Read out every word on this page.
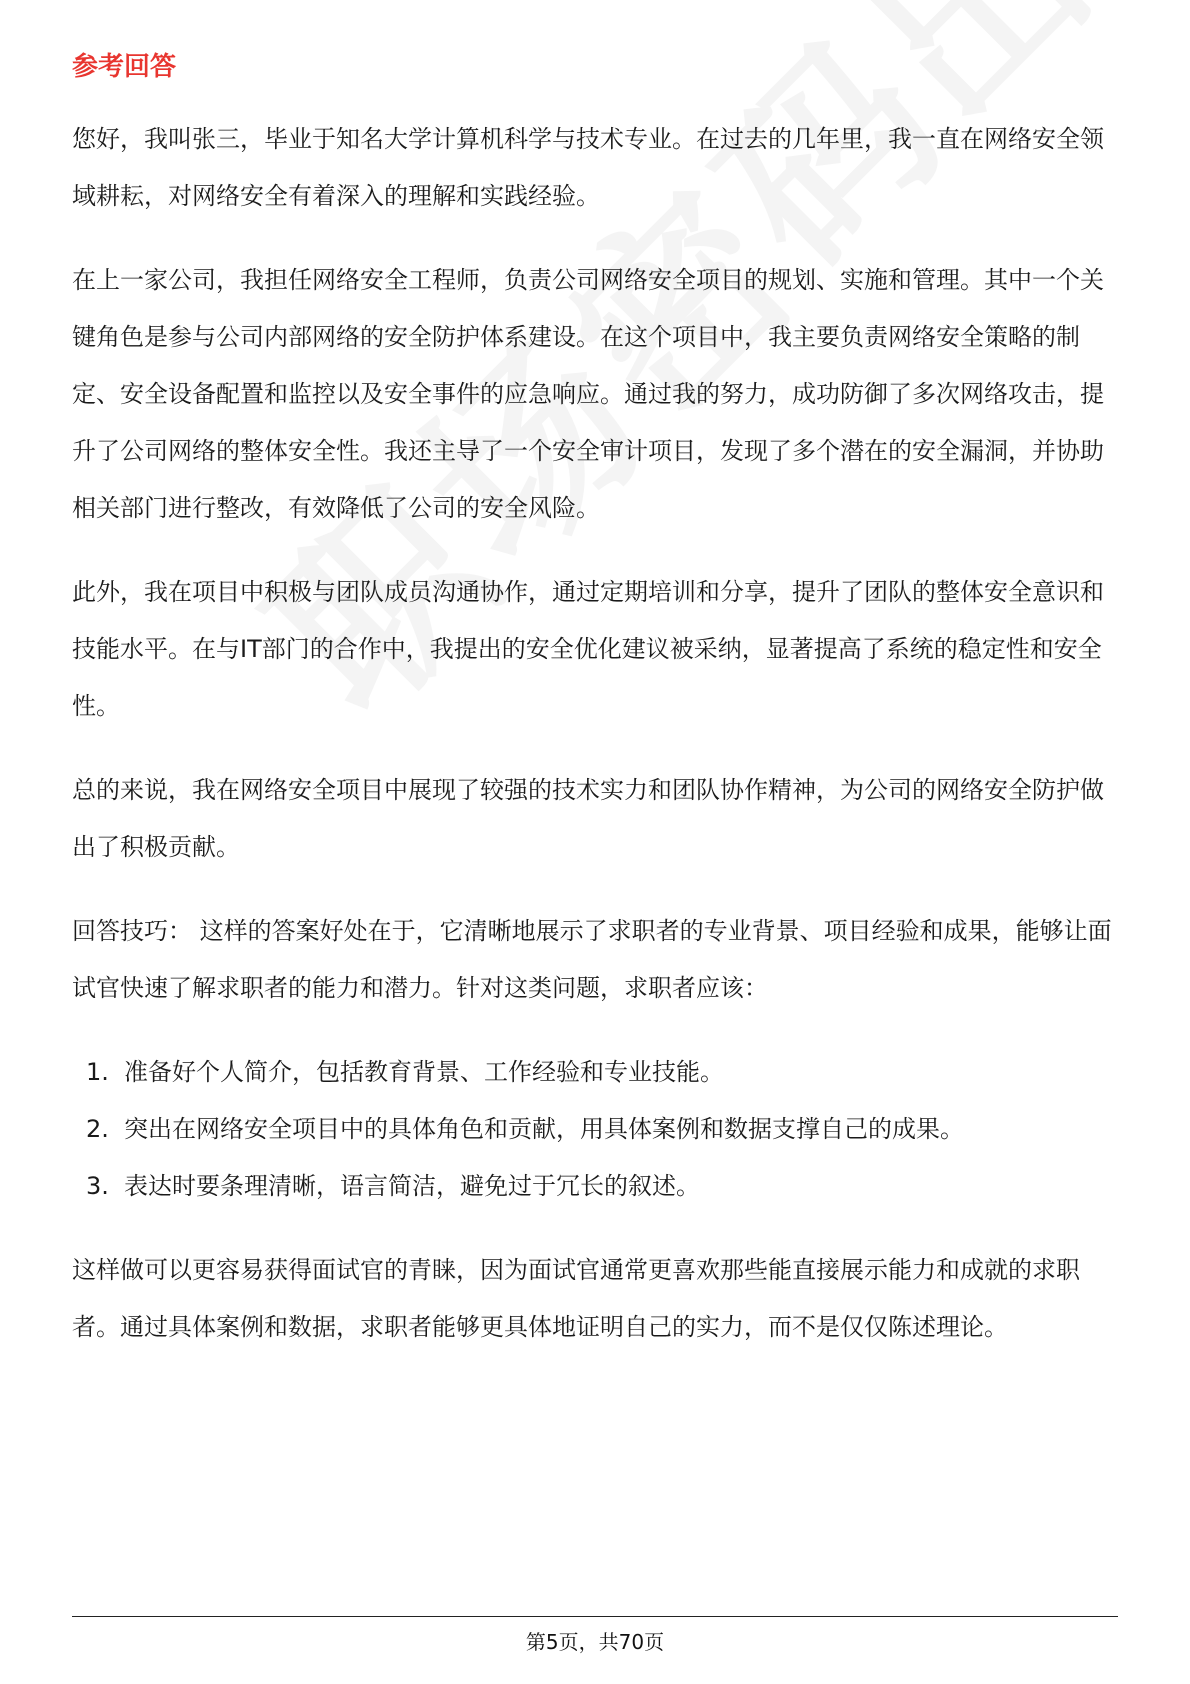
参考回答

您好，我叫张三，毕业于知名大学计算机科学与技术专业。在过去的几年里，我一直在网络安全领域耕耘，对网络安全有着深入的理解和实践经验。

在上一家公司，我担任网络安全工程师，负责公司网络安全项目的规划、实施和管理。其中一个关键角色是参与公司内部网络的安全防护体系建设。在这个项目中，我主要负责网络安全策略的制定、安全设备配置和监控以及安全事件的应急响应。通过我的努力，成功防御了多次网络攻击，提升了公司网络的整体安全性。我还主导了一个安全审计项目，发现了多个潜在的安全漏洞，并协助相关部门进行整改，有效降低了公司的安全风险。

此外，我在项目中积极与团队成员沟通协作，通过定期培训和分享，提升了团队的整体安全意识和技能水平。在与IT部门的合作中，我提出的安全优化建议被采纳，显著提高了系统的稳定性和安全性。

总的来说，我在网络安全项目中展现了较强的技术实力和团队协作精神，为公司的网络安全防护做出了积极贡献。

回答技巧： 这样的答案好处在于，它清晰地展示了求职者的专业背景、项目经验和成果，能够让面试官快速了解求职者的能力和潜力。针对这类问题，求职者应该：

1. 准备好个人简介，包括教育背景、工作经验和专业技能。
2. 突出在网络安全项目中的具体角色和贡献，用具体案例和数据支撑自己的成果。
3. 表达时要条理清晰，语言简洁，避免过于冗长的叙述。

这样做可以更容易获得面试官的青睐，因为面试官通常更喜欢那些能直接展示能力和成就的求职者。通过具体案例和数据，求职者能够更具体地证明自己的实力，而不是仅仅陈述理论。

第5页，共70页
